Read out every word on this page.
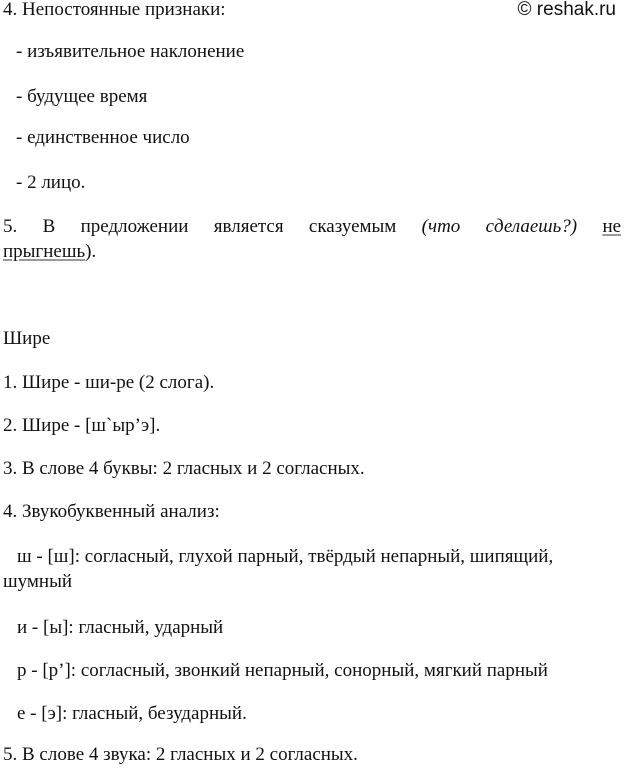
© reshak.ru
4. Непостоянные признаки:
- изъявительное наклонение
- будущее время
- единственное число
- 2 лицо.
5. В предложении является сказуемым (что сделаешь?) не
прыгнешь).
Шире
1. Шире - ши-ре (2 слога).
2. Шире - [ш`ыр’э].
3. В слове 4 буквы: 2 гласных и 2 согласных.
4. Звукобуквенный анализ:
ш - [ш]: согласный, глухой парный, твёрдый непарный, шипящий,
шумный
и - [ы]: гласный, ударный
р - [р’]: согласный, звонкий непарный, сонорный, мягкий парный
е - [э]: гласный, безударный.
5. В слове 4 звука: 2 гласных и 2 согласных.
